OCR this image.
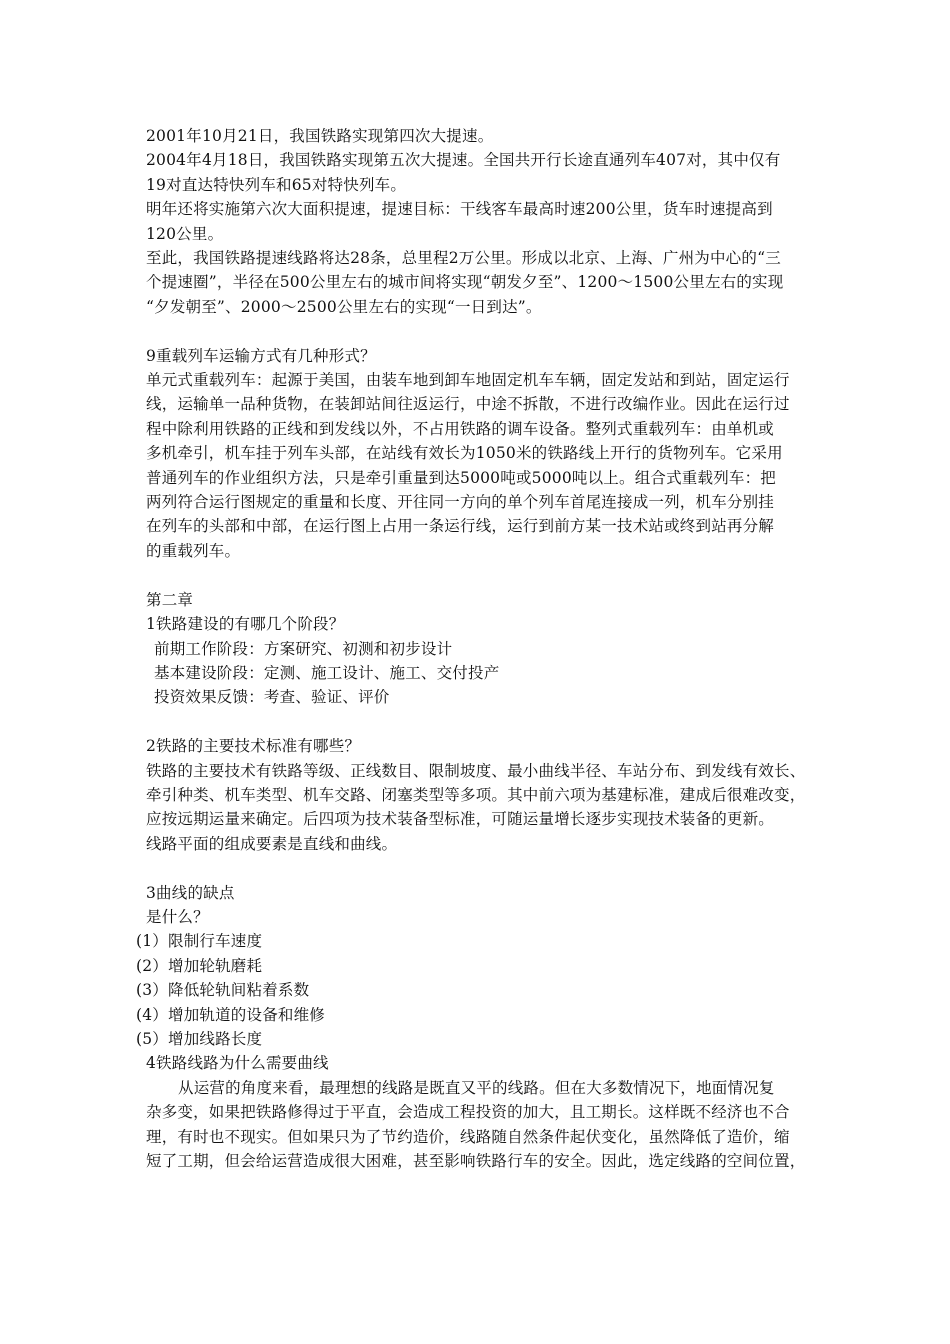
2001年10月21日，我国铁路实现第四次大提速。
2004年4月18日，我国铁路实现第五次大提速。全国共开行长途直通列车407对，其中仅有
19对直达特快列车和65对特快列车。
明年还将实施第六次大面积提速，提速目标：干线客车最高时速200公里，货车时速提高到
120公里。
至此，我国铁路提速线路将达28条，总里程2万公里。形成以北京、上海、广州为中心的“三
个提速圈”，半径在500公里左右的城市间将实现“朝发夕至”、1200～1500公里左右的实现
“夕发朝至”、2000～2500公里左右的实现“一日到达”。
9重载列车运输方式有几种形式？
单元式重载列车：起源于美国，由装车地到卸车地固定机车车辆，固定发站和到站，固定运行
线，运输单一品种货物，在装卸站间往返运行，中途不拆散，不进行改编作业。因此在运行过
程中除利用铁路的正线和到发线以外，不占用铁路的调车设备。整列式重载列车：由单机或
多机牵引，机车挂于列车头部，在站线有效长为1050米的铁路线上开行的货物列车。它采用
普通列车的作业组织方法，只是牵引重量到达5000吨或5000吨以上。组合式重载列车：把
两列符合运行图规定的重量和长度、开往同一方向的单个列车首尾连接成一列，机车分别挂
在列车的头部和中部，在运行图上占用一条运行线，运行到前方某一技术站或终到站再分解
的重载列车。
第二章
1铁路建设的有哪几个阶段？
前期工作阶段：方案研究、初测和初步设计
基本建设阶段：定测、施工设计、施工、交付投产
投资效果反馈：考查、验证、评价
2铁路的主要技术标准有哪些？
铁路的主要技术有铁路等级、正线数目、限制坡度、最小曲线半径、车站分布、到发线有效长、
牵引种类、机车类型、机车交路、闭塞类型等多项。其中前六项为基建标准，建成后很难改变，
应按远期运量来确定。后四项为技术装备型标准，可随运量增长逐步实现技术装备的更新。
线路平面的组成要素是直线和曲线。
3曲线的缺点
是什么？
(1）限制行车速度
(2）增加轮轨磨耗
(3）降低轮轨间粘着系数
(4）增加轨道的设备和维修
(5）增加线路长度
4铁路线路为什么需要曲线
从运营的角度来看，最理想的线路是既直又平的线路。但在大多数情况下，地面情况复
杂多变，如果把铁路修得过于平直，会造成工程投资的加大，且工期长。这样既不经济也不合
理，有时也不现实。但如果只为了节约造价，线路随自然条件起伏变化，虽然降低了造价，缩
短了工期，但会给运营造成很大困难，甚至影响铁路行车的安全。因此，选定线路的空间位置，
